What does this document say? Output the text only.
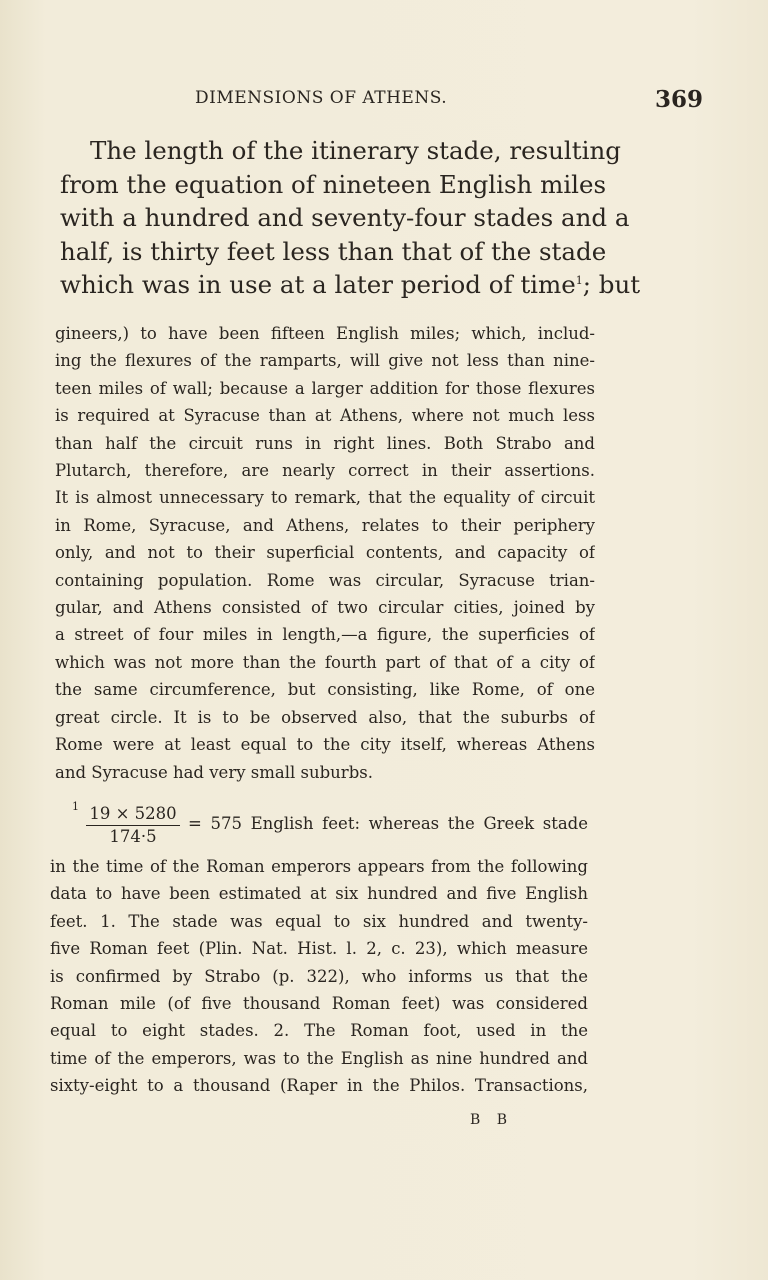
DIMENSIONS OF ATHENS.	369
The length of the itinerary stade, resulting
from the equation of nineteen English miles
with a hundred and seventy-four stades and a
half, is thirty feet less than that of the stade
which was in use at a later period of time$^1$; but
gineers,) to have been fifteen English miles; which, includ-
ing the flexures of the ramparts, will give not less than nine-
teen miles of wall; because a larger addition for those flexures
is required at Syracuse than at Athens, where not much less
than half the circuit runs in right lines. Both Strabo and
Plutarch, therefore, are nearly correct in their assertions.
It is almost unnecessary to remark, that the equality of circuit
in Rome, Syracuse, and Athens, relates to their periphery
only, and not to their superficial contents, and capacity of
containing population. Rome was circular, Syracuse trian-
gular, and Athens consisted of two circular cities, joined by
a street of four miles in length,—a figure, the superficies of
which was not more than the fourth part of that of a city of
the same circumference, but consisting, like Rome, of one
great circle. It is to be observed also, that the suburbs of
Rome were at least equal to the city itself, whereas Athens
and Syracuse had very small suburbs.
$1 \frac{19 \times 5280}{174\cdot 5} = 575$ English feet: whereas the Greek stade
in the time of the Roman emperors appears from the following
data to have been estimated at six hundred and five English
feet. 1. The stade was equal to six hundred and twenty-
five Roman feet (Plin. Nat. Hist. l. 2, c. 23), which measure
is confirmed by Strabo (p. 322), who informs us that the
Roman mile (of five thousand Roman feet) was considered
equal to eight stades. 2. The Roman foot, used in the
time of the emperors, was to the English as nine hundred and
sixty-eight to a thousand (Raper in the Philos. Transactions,
B B
